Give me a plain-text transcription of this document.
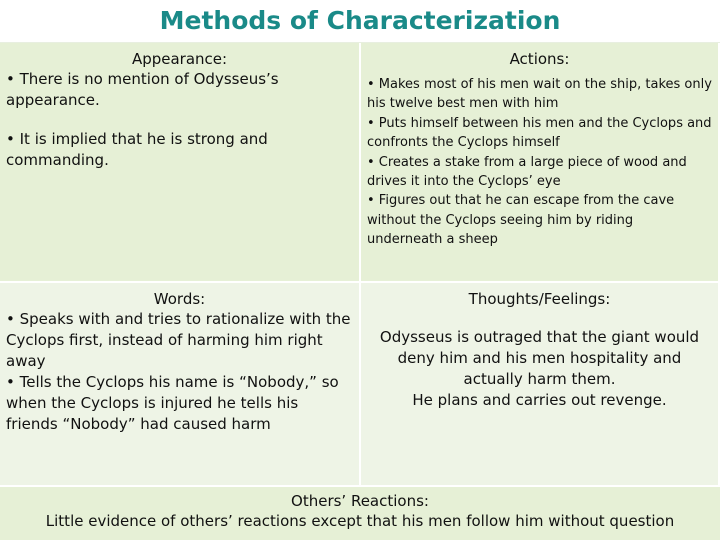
Methods of Characterization
Appearance:

• There is no mention of Odysseus’s appearance.

• It is implied that he is strong and commanding.

Actions:

• Makes most of his men wait on the ship, takes only his twelve best men with him

• Puts himself between his men and the Cyclops and confronts the Cyclops himself

• Creates a stake from a large piece of wood and drives it into the Cyclops’ eye

• Figures out that he can escape from the cave without the Cyclops seeing him by riding underneath a sheep

Words:

• Speaks with and tries to rationalize with the Cyclops first, instead of harming him right away

• Tells the Cyclops his name is “Nobody,” so when the Cyclops is injured he tells his friends “Nobody” had caused harm

Thoughts/Feelings:

Odysseus is outraged that the giant would deny him and his men hospitality and actually harm them.

He plans and carries out revenge.

Others’ Reactions:

Little evidence of others’ reactions except that his men follow him without question
